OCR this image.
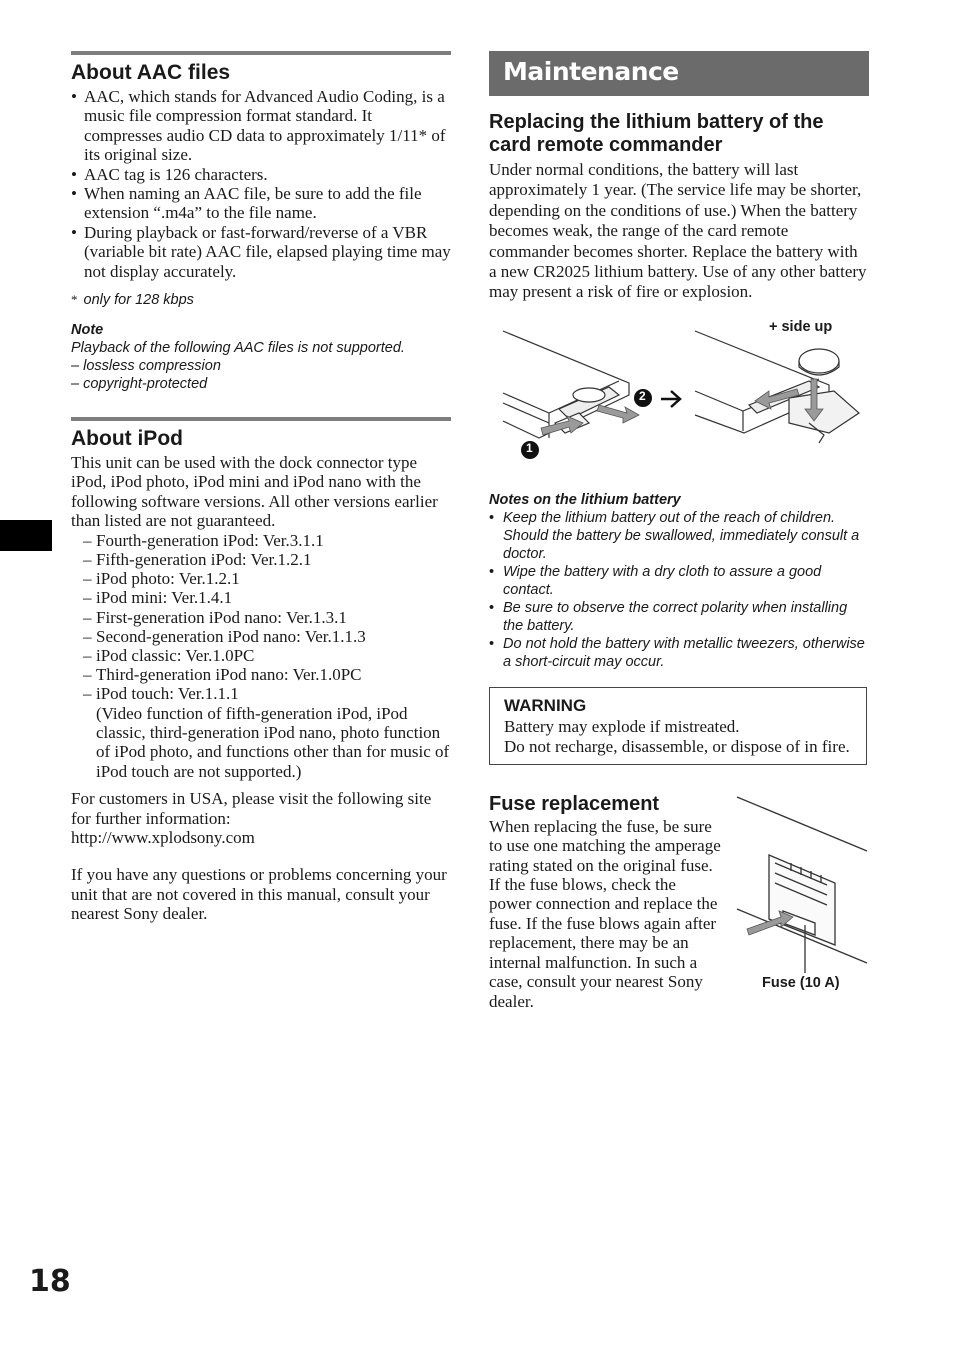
About AAC files
• AAC, which stands for Advanced Audio Coding, is a music file compression format standard. It compresses audio CD data to approximately 1/11* of its original size.
• AAC tag is 126 characters.
• When naming an AAC file, be sure to add the file extension “.m4a” to the file name.
• During playback or fast-forward/reverse of a VBR (variable bit rate) AAC file, elapsed playing time may not display accurately.
* only for 128 kbps
Note
Playback of the following AAC files is not supported.
– lossless compression
– copyright-protected
About iPod

This unit can be used with the dock connector type iPod, iPod photo, iPod mini and iPod nano with the following software versions. All other versions earlier than listed are not guaranteed.

– Fourth-generation iPod: Ver.3.1.1
– Fifth-generation iPod: Ver.1.2.1
– iPod photo: Ver.1.2.1
– iPod mini: Ver.1.4.1
– First-generation iPod nano: Ver.1.3.1
– Second-generation iPod nano: Ver.1.1.3
– iPod classic: Ver.1.0PC
– Third-generation iPod nano: Ver.1.0PC
– iPod touch: Ver.1.1.1

(Video function of fifth-generation iPod, iPod classic, third-generation iPod nano, photo function of iPod photo, and functions other than for music of iPod touch are not supported.)

For customers in USA, please visit the following site for further information:

http://www.xplodsony.com

If you have any questions or problems concerning your unit that are not covered in this manual, consult your nearest Sony dealer.

Maintenance
Replacing the lithium battery of the card remote commander

Under normal conditions, the battery will last approximately 1 year. (The service life may be shorter, depending on the conditions of use.) When the battery becomes weak, the range of the card remote commander becomes shorter. Replace the battery with a new CR2025 lithium battery. Use of any other battery may present a risk of fire or explosion.

+ side up
2
1
Notes on the lithium battery
• Keep the lithium battery out of the reach of children. Should the battery be swallowed, immediately consult a doctor.
• Wipe the battery with a dry cloth to assure a good contact.
• Be sure to observe the correct polarity when installing the battery.
• Do not hold the battery with metallic tweezers, otherwise a short-circuit may occur.
WARNING
Battery may explode if mistreated.
Do not recharge, disassemble, or dispose of in fire.
Fuse replacement

When replacing the fuse, be sure to use one matching the amperage rating stated on the original fuse. If the fuse blows, check the power connection and replace the fuse. If the fuse blows again after replacement, there may be an internal malfunction. In such a case, consult your nearest Sony dealer.

Fuse (10 A)
18
